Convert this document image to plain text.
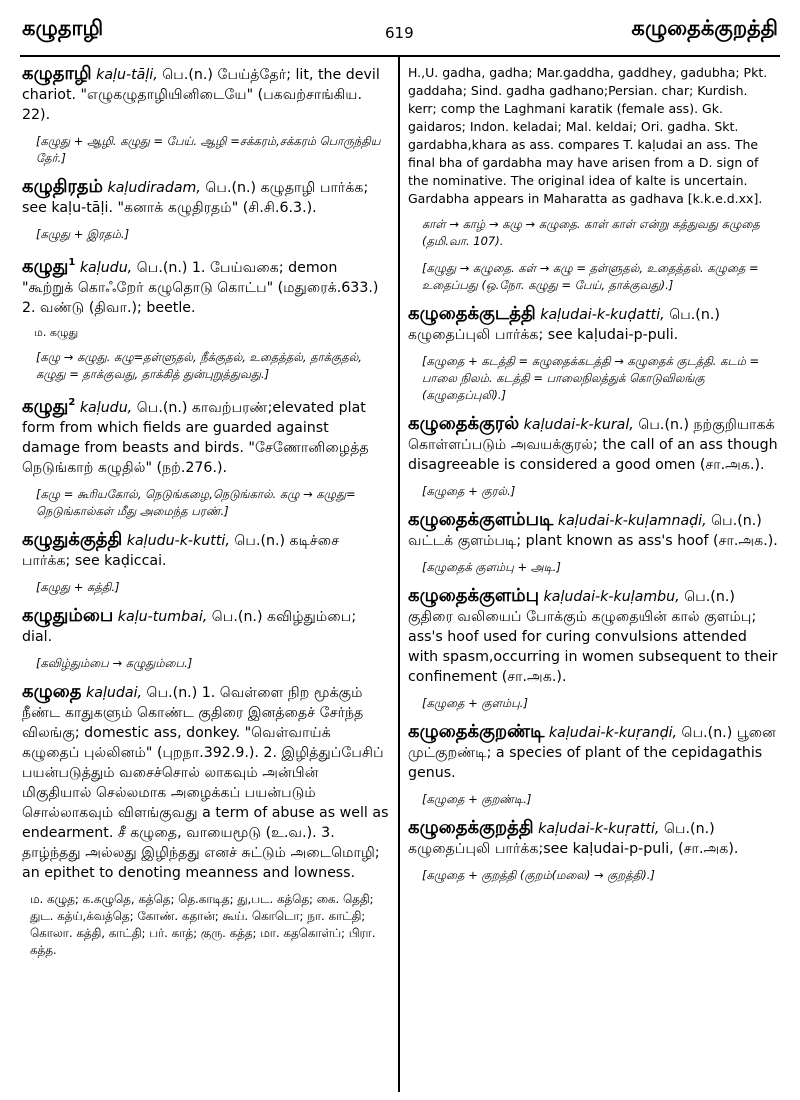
கழுதாழி	619	கழுதைக்குறத்தி
கழுதாழி kaḷu-tāḷi, பெ.(n.) பேய்த்தேர்; lit, the devil chariot. "எழுகழுதாழியினிடையே" (பகவற்சாங்கிய. 22).
[கழுது + ஆழி. கழுது = பேய். ஆழி =சக்கரம்,சக்கரம் பொருந்திய தேர்.]
கழுதிரதம் kaḷudiradam, பெ.(n.) கழுதாழி பார்க்க; see kaḷu-tāḷi. "கனாக் கழுதிரதம்" (சி.சி.6.3.).
[கழுது + இரதம்.]
கழுது$^1$ kaḷudu, பெ.(n.) 1. பேய்வகை; demon "கூற்றுக் கொஃறேர் கழுதொடு கொட்ப" (மதுரைக்.633.) 2. வண்டு (திவா.); beetle.
ம. கழுது
[கழு → கழுது. கழு=தள்ளுதல், நீக்குதல், உதைத்தல், தாக்குதல், கழுது = தாக்குவது, தாக்கித் துன்புறுத்துவது.]
கழுது$^2$ kaḷudu, பெ.(n.) காவற்பரண்;elevated plat form from which fields are guarded against damage from beasts and birds. "சேணோனிழைத்த நெடுங்காற் கழுதில்" (நற்.276.).
[கழு = கூரியகோல், நெடுங்கழை,நெடுங்கால். கழு → கழுது= நெடுங்கால்கள் மீது அமைந்த பரண்.]
கழுதுக்குத்தி kaḷudu-k-kutti, பெ.(n.) கடிச்சை பார்க்க; see kaḍiccai.
[கழுது + கத்தி.]
கழுதும்பை kaḷu-tumbai, பெ.(n.) கவிழ்தும்பை; dial.
[கவிழ்தும்பை → கழுதும்பை.]
கழுதை kaḷudai, பெ.(n.) 1. வெள்ளை நிற மூக்கும் நீண்ட காதுகளும் கொண்ட குதிரை இனத்தைச் சேர்ந்த விலங்கு; domestic ass, donkey. "வெள்வாய்க் கழுதைப் புல்லினம்" (புறநா.392.9.). 2. இழித்துப்பேசிப் பயன்படுத்தும் வசைச்சொல் லாகவும் அன்பின் மிகுதியால் செல்லமாக அழைக்கப் பயன்படும் சொல்லாகவும் விளங்குவது a term of abuse as well as endearment. சீ கழுதை, வாயைமூடு (உ.வ.). 3. தாழ்ந்தது அல்லது இழிந்தது எனச் சுட்டும் அடைமொழி; an epithet to denoting meanness and lowness.
ம. கழுத; க.கழுதெ, கத்தெ; தெ.காடித; து,பட. கத்தெ; கை. தெதி; துட. கத்ய்,க்வத்தெ; கோண். கதான்; கூய். கொடொ; நா. காட்தி; கொலா. கத்தி, காட்தி; பர். காத்; குரு. கத்த; மா. கதகொள்ப்; பிரா. கத்த.
H.,U. gadha, gadha; Mar.gaddha, gaddhey, gadubha; Pkt. gaddaha; Sind. gadha gadhano;Persian. char; Kurdish. kerr; comp the Laghmani karatik (female ass). Gk. gaidaros; Indon. keladai; Mal. keldai; Ori. gadha. Skt. gardabha,khara as ass. compares T. kaḷudai an ass. The final bha of gardabha may have arisen from a D. sign of the nominative. The original idea of kalte is uncertain. Gardabha appears in Maharatta as gadhava [k.k.e.d.xx].
காள் → காழ் → கழு → கழுதை. காள் காள் என்று கத்துவது கழுதை (தமி.வா. 107).
[கழுது → கழுதை. கள் → கழு = தள்ளுதல், உதைத்தல். கழுதை = உதைப்பது (ஒ.நோ. கழுது = பேய், தாக்குவது).]
கழுதைக்குடத்தி kaḷudai-k-kuḍatti, பெ.(n.) கழுதைப்புலி பார்க்க; see kaḷudai-p-puli.
[கழுதை + கடத்தி = கழுதைக்கடத்தி → கழுதைக் குடத்தி. கடம் = பாலை நிலம். கடத்தி = பாலைநிலத்துக் கொடுவிலங்கு (கழுதைப்புலி).]
கழுதைக்குரல் kaḷudai-k-kural, பெ.(n.) நற்குறியாகக் கொள்ளப்படும் அவயக்குரல்; the call of an ass though disagreeable is considered a good omen (சா.அக.).
[கழுதை + குரல்.]
கழுதைக்குளம்படி kaḷudai-k-kuḷamnaḍi, பெ.(n.) வட்டக் குளம்படி; plant known as ass's hoof (சா.அக.).
[கழுதைக் குளம்பு + அடி.]
கழுதைக்குளம்பு kaḷudai-k-kuḷambu, பெ.(n.) குதிரை வலியைப் போக்கும் கழுதையின் கால் குளம்பு; ass's hoof used for curing convulsions attended with spasm,occurring in women subsequent to their confinement (சா.அக.).
[கழுதை + குளம்பு.]
கழுதைக்குறண்டி kaḷudai-k-kuṛanḍi, பெ.(n.) பூனை முட்குறண்டி; a species of plant of the cepidagathis genus.
[கழுதை + குறண்டி.]
கழுதைக்குறத்தி kaḷudai-k-kuṛatti, பெ.(n.) கழுதைப்புலி பார்க்க;see kaḷudai-p-puli, (சா.அக).
[கழுதை + குறத்தி (குறம்(மலை) → குறத்தி).]
